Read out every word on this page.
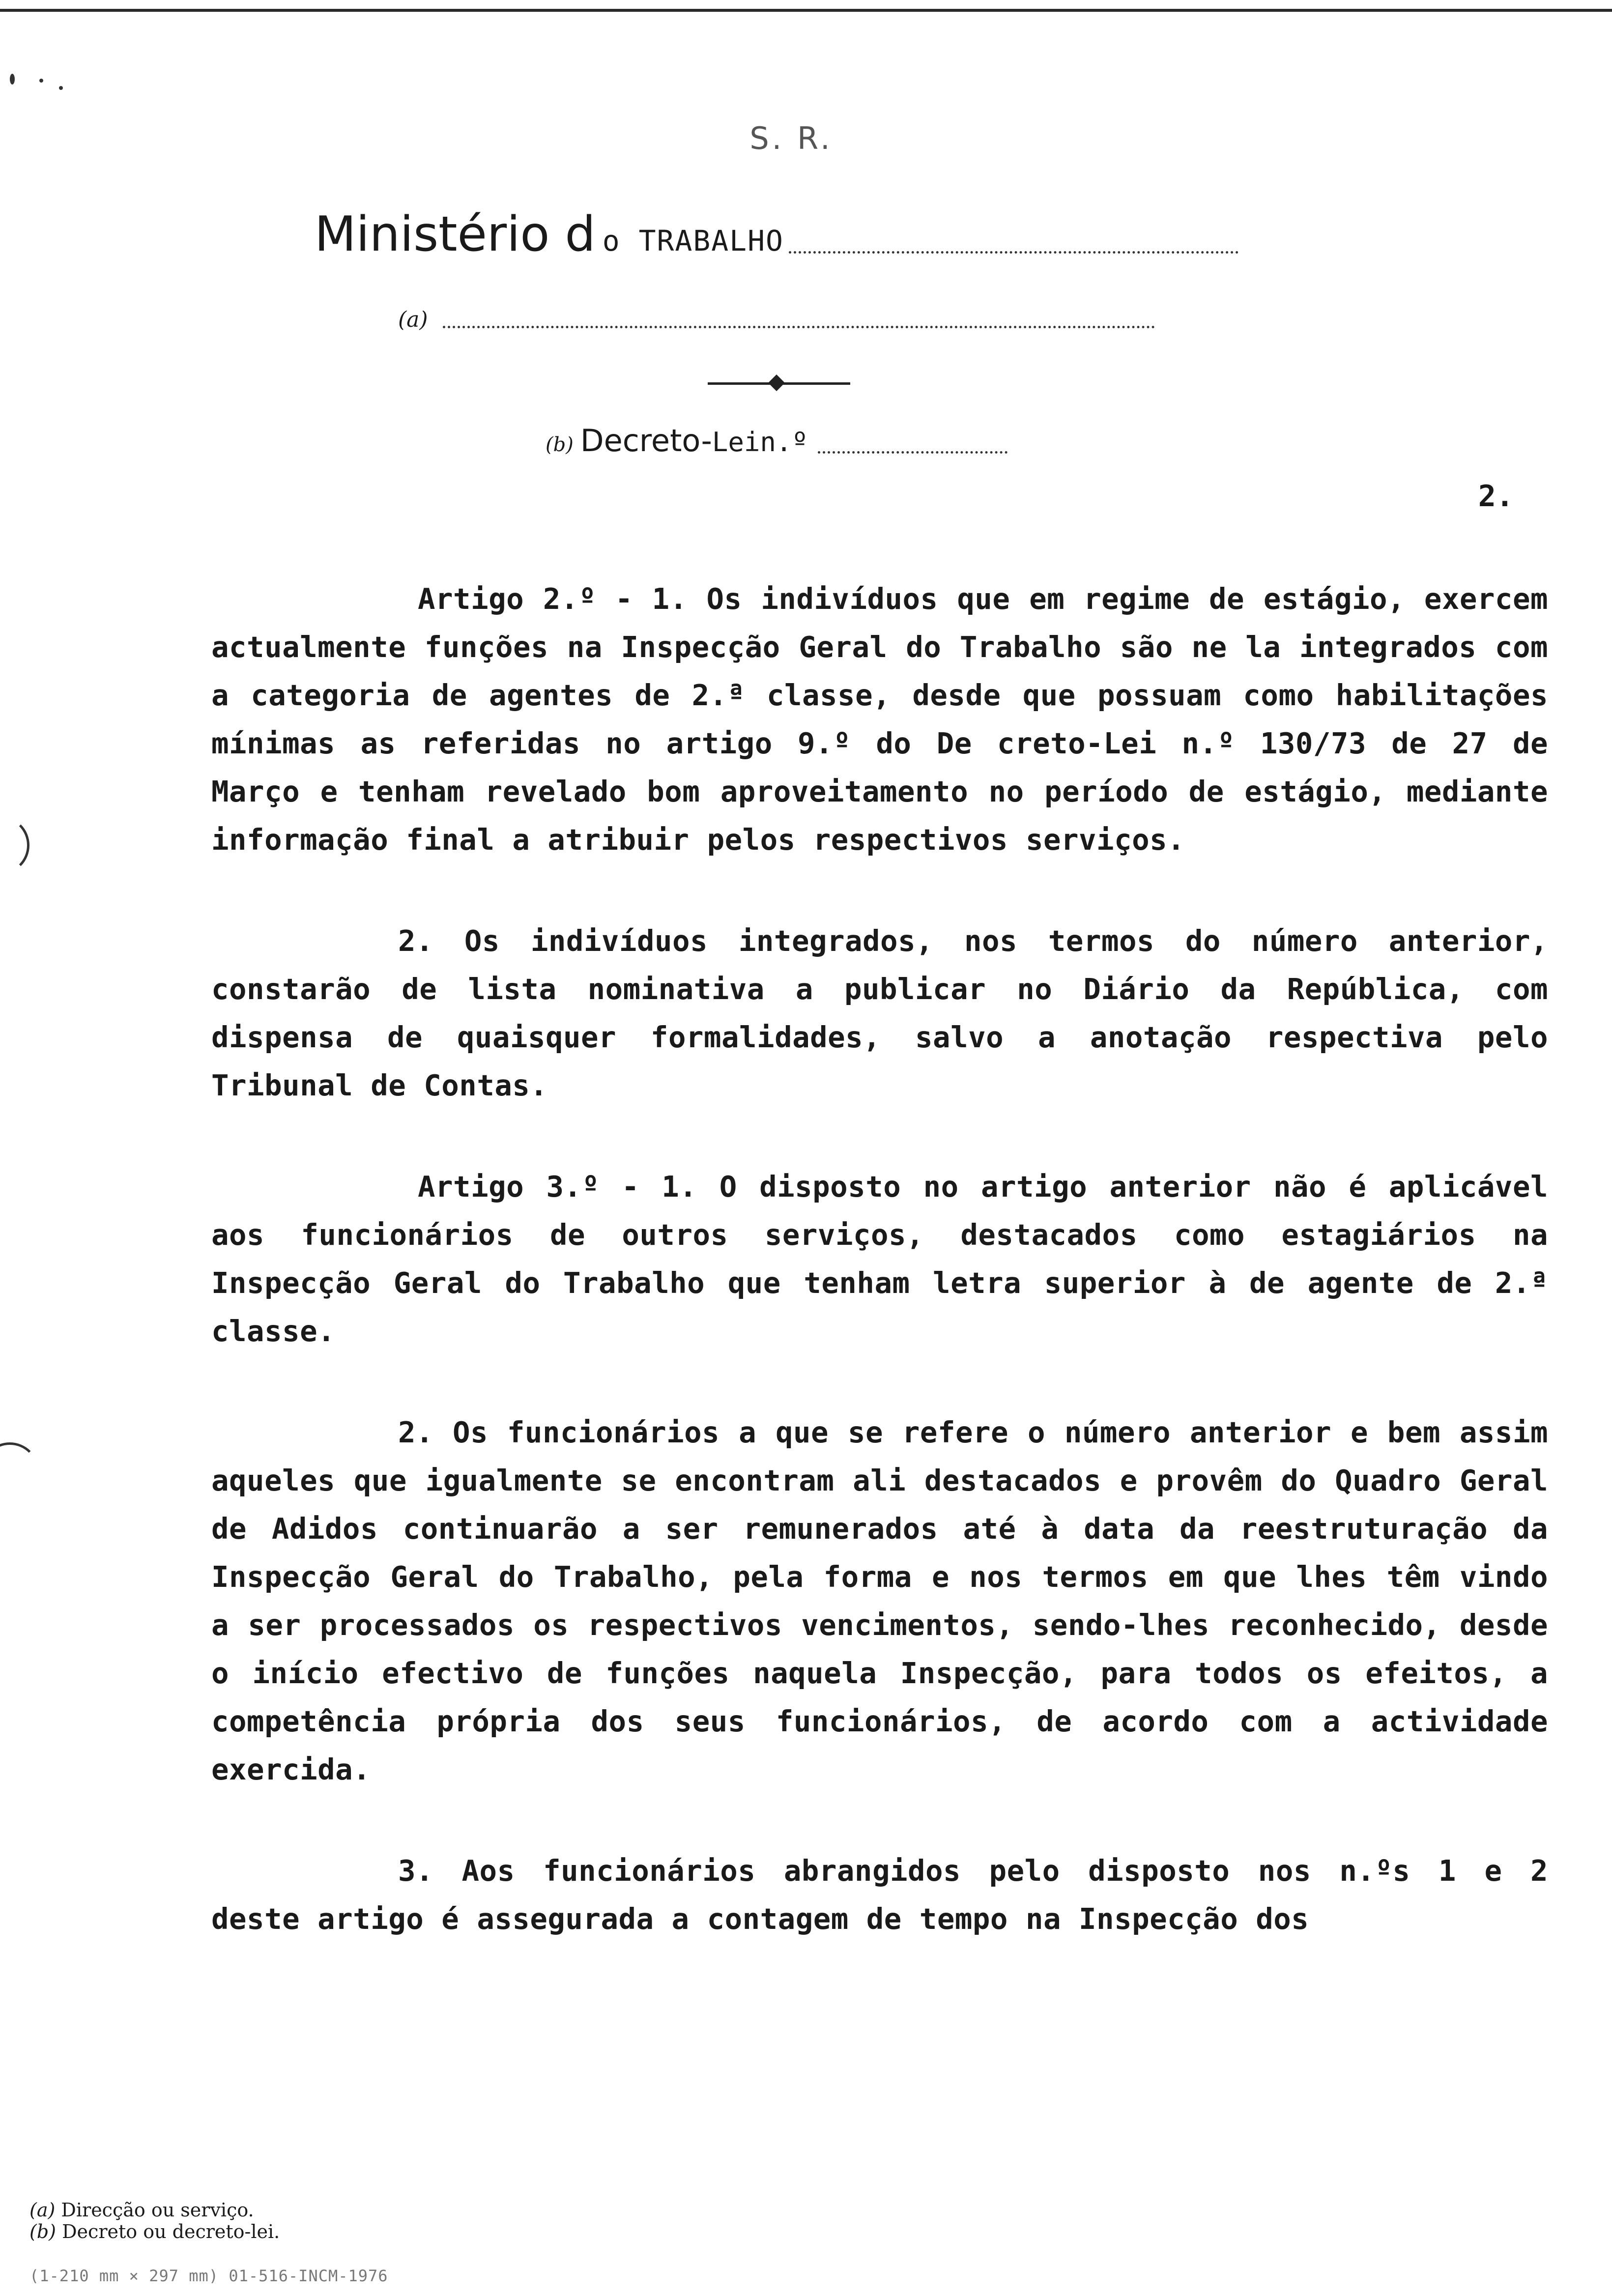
S. R.
Ministério d o TRABALHO
(a)
(b) Decreto- Lein.º
2.

Artigo 2.º - 1. Os indivíduos que em regime de estágio, exercem actualmente funções na Inspecção Geral do Trabalho são ne la integrados com a categoria de agentes de 2.ª classe, desde que possuam como habilitações mínimas as referidas no artigo 9.º do De creto-Lei n.º 130/73 de 27 de Março e tenham revelado bom aproveitamento no período de estágio, mediante informação final a atribuir pelos respectivos serviços.

2. Os indivíduos integrados, nos termos do número anterior, constarão de lista nominativa a publicar no Diário da República, com dispensa de quaisquer formalidades, salvo a anotação respectiva pelo Tribunal de Contas.

Artigo 3.º - 1. O disposto no artigo anterior não é aplicável aos funcionários de outros serviços, destacados como estagiários na Inspecção Geral do Trabalho que tenham letra superior à de agente de 2.ª classe.

2. Os funcionários a que se refere o número anterior e bem assim aqueles que igualmente se encontram ali destacados e provêm do Quadro Geral de Adidos continuarão a ser remunerados até à data da reestruturação da Inspecção Geral do Trabalho, pela forma e nos termos em que lhes têm vindo a ser processados os respectivos vencimentos, sendo-lhes reconhecido, desde o início efectivo de funções naquela Inspecção, para todos os efeitos, a competência própria dos seus funcionários, de acordo com a actividade exercida.

3. Aos funcionários abrangidos pelo disposto nos n.ºs 1 e 2 deste artigo é assegurada a contagem de tempo na Inspecção dos

(a) Direcção ou serviço.
(b) Decreto ou decreto-lei.
(1-210 mm × 297 mm) 01-516-INCM-1976
